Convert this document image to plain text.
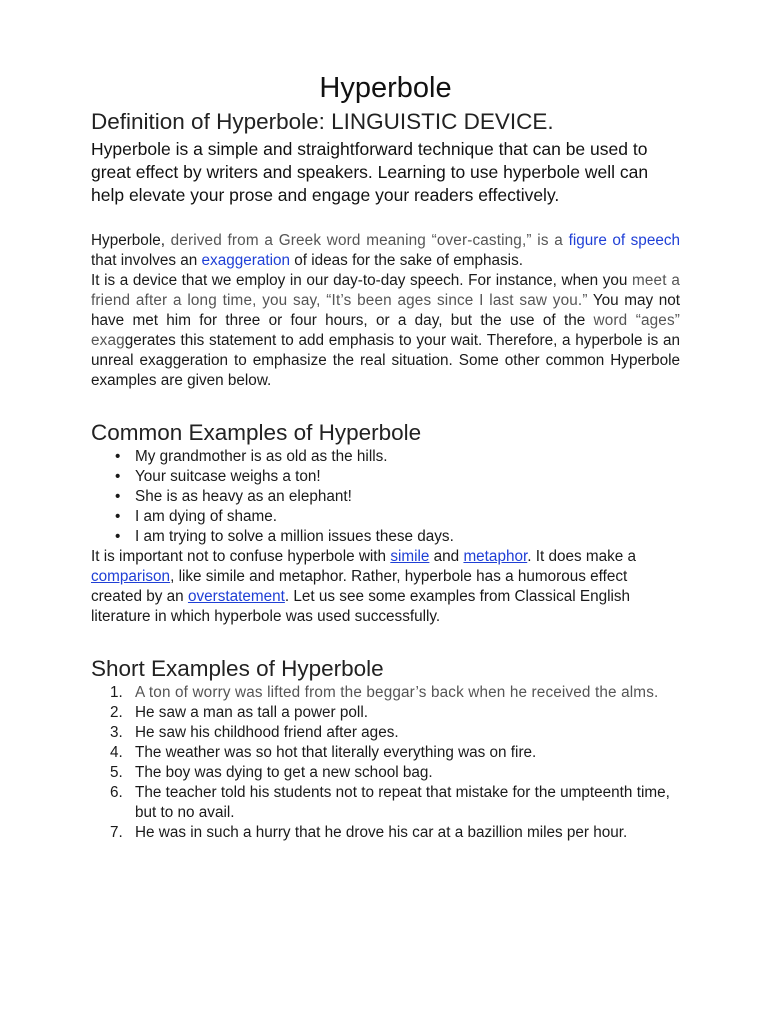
Hyperbole
Definition of Hyperbole: LINGUISTIC DEVICE.

Hyperbole is a simple and straightforward technique that can be used to great effect by writers and speakers. Learning to use hyperbole well can help elevate your prose and engage your readers effectively.

Hyperbole, derived from a Greek word meaning “over-casting,” is a figure of speech that involves an exaggeration of ideas for the sake of emphasis.

It is a device that we employ in our day-to-day speech. For instance, when you meet a friend after a long time, you say, “It’s been ages since I last saw you.” You may not have met him for three or four hours, or a day, but the use of the word “ages” exaggerates this statement to add emphasis to your wait. Therefore, a hyperbole is an unreal exaggeration to emphasize the real situation. Some other common Hyperbole examples are given below.

Common Examples of Hyperbole
• My grandmother is as old as the hills.
• Your suitcase weighs a ton!
• She is as heavy as an elephant!
• I am dying of shame.
• I am trying to solve a million issues these days.

It is important not to confuse hyperbole with simile and metaphor. It does make a comparison, like simile and metaphor. Rather, hyperbole has a humorous effect created by an overstatement. Let us see some examples from Classical English literature in which hyperbole was used successfully.

Short Examples of Hyperbole
1. A ton of worry was lifted from the beggar’s back when he received the alms.
2. He saw a man as tall a power poll.
3. He saw his childhood friend after ages.
4. The weather was so hot that literally everything was on fire.
5. The boy was dying to get a new school bag.
6. The teacher told his students not to repeat that mistake for the umpteenth time, but to no avail.
7. He was in such a hurry that he drove his car at a bazillion miles per hour.
